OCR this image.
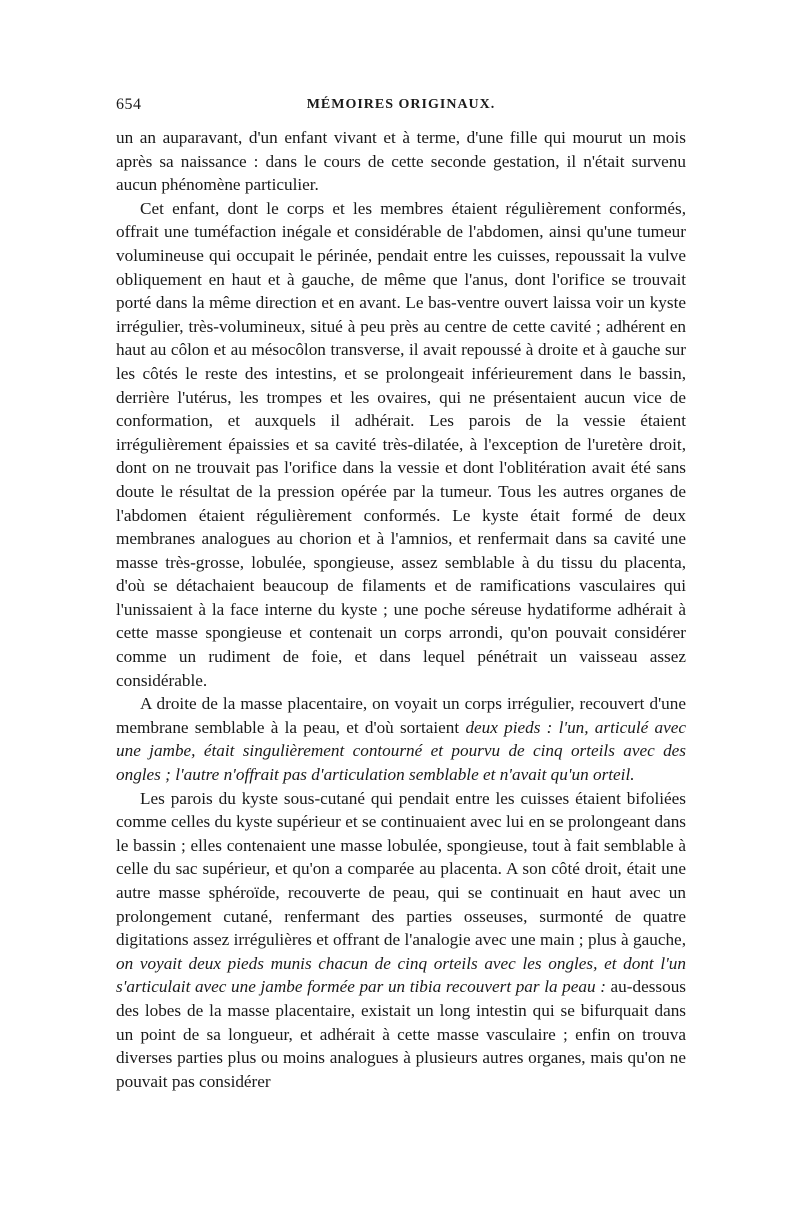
654	MÉMOIRES ORIGINAUX.

un an auparavant, d'un enfant vivant et à terme, d'une fille qui mourut un mois après sa naissance : dans le cours de cette seconde gestation, il n'était survenu aucun phénomène particulier.

Cet enfant, dont le corps et les membres étaient régulièrement conformés, offrait une tuméfaction inégale et considérable de l'abdomen, ainsi qu'une tumeur volumineuse qui occupait le périnée, pendait entre les cuisses, repoussait la vulve obliquement en haut et à gauche, de même que l'anus, dont l'orifice se trouvait porté dans la même direction et en avant. Le bas-ventre ouvert laissa voir un kyste irrégulier, très-volumineux, situé à peu près au centre de cette cavité ; adhérent en haut au côlon et au mésocôlon transverse, il avait repoussé à droite et à gauche sur les côtés le reste des intestins, et se prolongeait inférieurement dans le bassin, derrière l'utérus, les trompes et les ovaires, qui ne présentaient aucun vice de conformation, et auxquels il adhérait. Les parois de la vessie étaient irrégulièrement épaissies et sa cavité très-dilatée, à l'exception de l'uretère droit, dont on ne trouvait pas l'orifice dans la vessie et dont l'oblitération avait été sans doute le résultat de la pression opérée par la tumeur. Tous les autres organes de l'abdomen étaient régulièrement conformés. Le kyste était formé de deux membranes analogues au chorion et à l'amnios, et renfermait dans sa cavité une masse très-grosse, lobulée, spongieuse, assez semblable à du tissu du placenta, d'où se détachaient beaucoup de filaments et de ramifications vasculaires qui l'unissaient à la face interne du kyste ; une poche séreuse hydatiforme adhérait à cette masse spongieuse et contenait un corps arrondi, qu'on pouvait considérer comme un rudiment de foie, et dans lequel pénétrait un vaisseau assez considérable.

A droite de la masse placentaire, on voyait un corps irrégulier, recouvert d'une membrane semblable à la peau, et d'où sortaient deux pieds : l'un, articulé avec une jambe, était singulièrement contourné et pourvu de cinq orteils avec des ongles ; l'autre n'offrait pas d'articulation semblable et n'avait qu'un orteil.

Les parois du kyste sous-cutané qui pendait entre les cuisses étaient bifoliées comme celles du kyste supérieur et se continuaient avec lui en se prolongeant dans le bassin ; elles contenaient une masse lobulée, spongieuse, tout à fait semblable à celle du sac supérieur, et qu'on a comparée au placenta. A son côté droit, était une autre masse sphéroïde, recouverte de peau, qui se continuait en haut avec un prolongement cutané, renfermant des parties osseuses, surmonté de quatre digitations assez irrégulières et offrant de l'analogie avec une main ; plus à gauche, on voyait deux pieds munis chacun de cinq orteils avec les ongles, et dont l'un s'articulait avec une jambe formée par un tibia recouvert par la peau : au-dessous des lobes de la masse placentaire, existait un long intestin qui se bifurquait dans un point de sa longueur, et adhérait à cette masse vasculaire ; enfin on trouva diverses parties plus ou moins analogues à plusieurs autres organes, mais qu'on ne pouvait pas considérer
